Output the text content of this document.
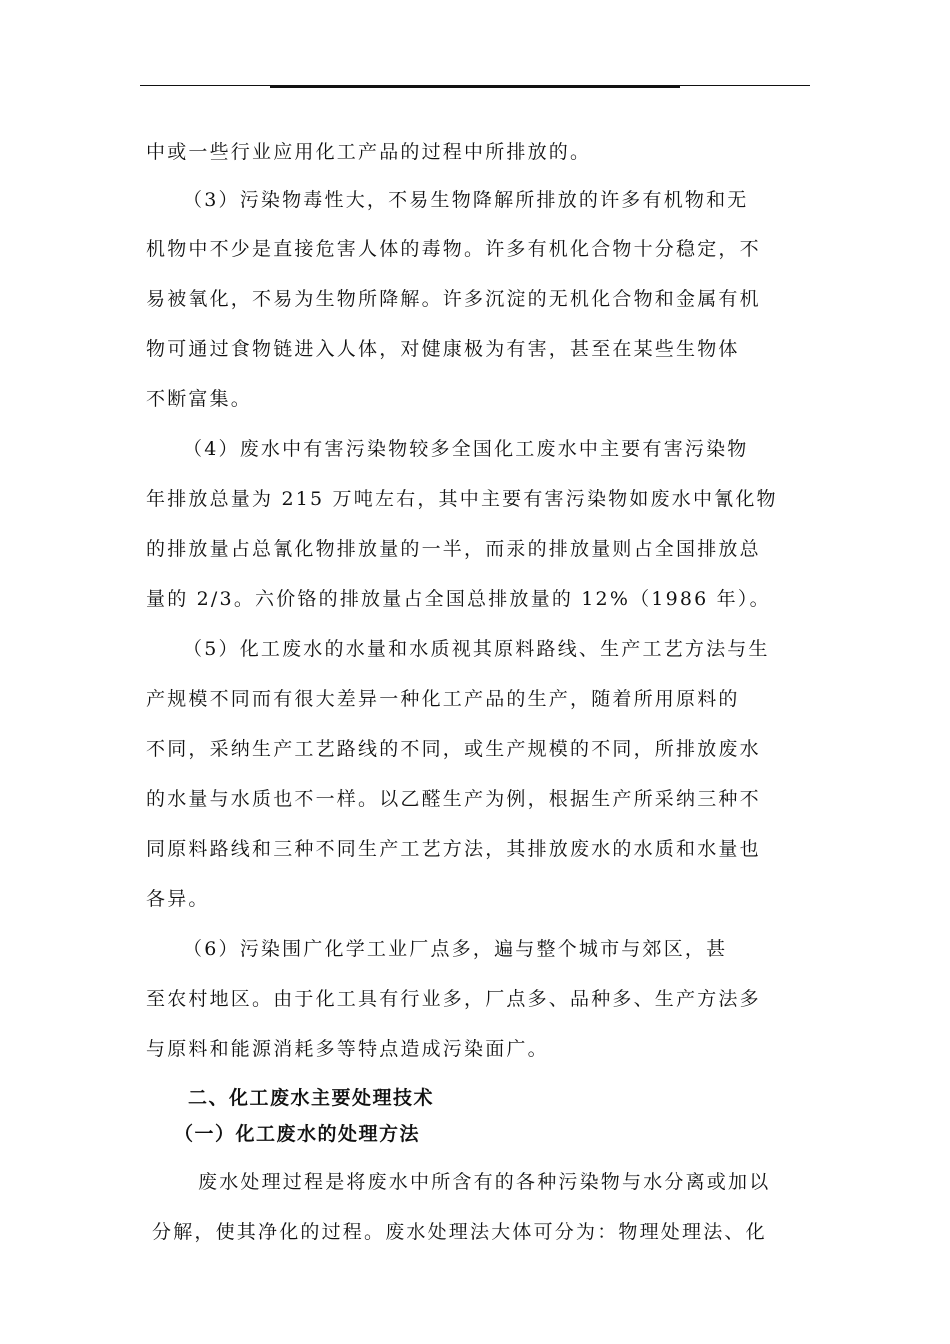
中或一些行业应用化工产品的过程中所排放的。
（3）污染物毒性大，不易生物降解所排放的许多有机物和无
机物中不少是直接危害人体的毒物。许多有机化合物十分稳定，不
易被氧化，不易为生物所降解。许多沉淀的无机化合物和金属有机
物可通过食物链进入人体，对健康极为有害，甚至在某些生物体
不断富集。
（4）废水中有害污染物较多全国化工废水中主要有害污染物
年排放总量为 215 万吨左右，其中主要有害污染物如废水中氰化物
的排放量占总氰化物排放量的一半，而汞的排放量则占全国排放总
量的 2/3。六价铬的排放量占全国总排放量的 12%（1986 年）。
（5）化工废水的水量和水质视其原料路线、生产工艺方法与生
产规模不同而有很大差异一种化工产品的生产，随着所用原料的
不同，采纳生产工艺路线的不同，或生产规模的不同，所排放废水
的水量与水质也不一样。以乙醛生产为例，根据生产所采纳三种不
同原料路线和三种不同生产工艺方法，其排放废水的水质和水量也
各异。
（6）污染围广化学工业厂点多，遍与整个城市与郊区，甚
至农村地区。由于化工具有行业多，厂点多、品种多、生产方法多
与原料和能源消耗多等特点造成污染面广。
二、化工废水主要处理技术
（一）化工废水的处理方法
废水处理过程是将废水中所含有的各种污染物与水分离或加以
分解，使其净化的过程。废水处理法大体可分为：物理处理法、化
